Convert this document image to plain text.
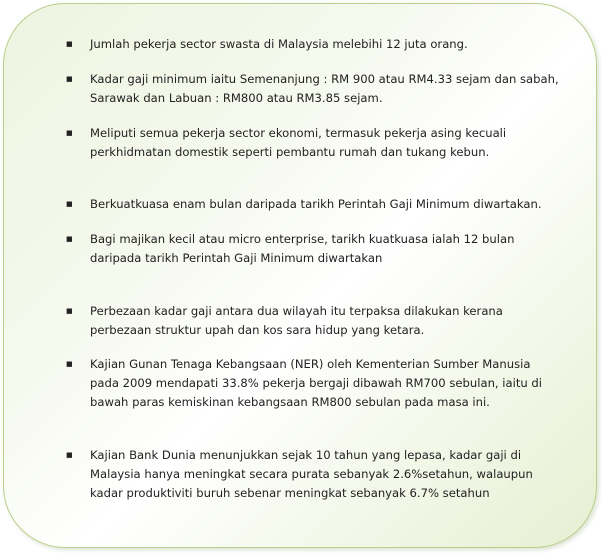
■	Jumlah pekerja sector swasta di Malaysia melebihi 12 juta orang.
■	Kadar gaji minimum iaitu Semenanjung : RM 900 atau RM4.33 sejam dan sabah,
Sarawak dan Labuan : RM800 atau RM3.85 sejam.
■	Meliputi semua pekerja sector ekonomi, termasuk pekerja asing kecuali
perkhidmatan domestik seperti pembantu rumah dan tukang kebun.
■	Berkuatkuasa enam bulan daripada tarikh Perintah Gaji Minimum diwartakan.
■	Bagi majikan kecil atau micro enterprise, tarikh kuatkuasa ialah 12 bulan
daripada tarikh Perintah Gaji Minimum diwartakan
■	Perbezaan kadar gaji antara dua wilayah itu terpaksa dilakukan kerana
perbezaan struktur upah dan kos sara hidup yang ketara.
■	Kajian Gunan Tenaga Kebangsaan (NER) oleh Kementerian Sumber Manusia
pada 2009 mendapati 33.8% pekerja bergaji dibawah RM700 sebulan, iaitu di
bawah paras kemiskinan kebangsaan RM800 sebulan pada masa ini.
■	Kajian Bank Dunia menunjukkan sejak 10 tahun yang lepasa, kadar gaji di
Malaysia hanya meningkat secara purata sebanyak 2.6%setahun, walaupun
kadar produktiviti buruh sebenar meningkat sebanyak 6.7% setahun
